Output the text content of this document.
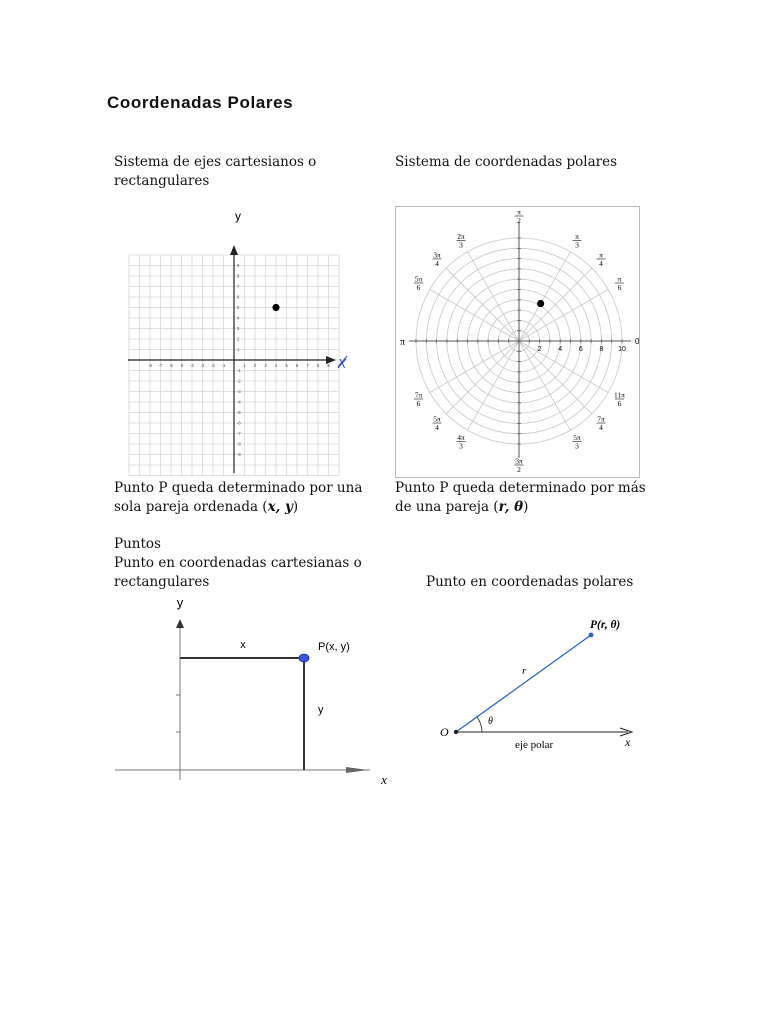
Coordenadas Polares
Sistema de ejes cartesianos o
rectangulares
Sistema de coordenadas polares
-8 -7 -6 -5 -4 -3 -2 -1	1 2 3 4 5 6 7 8 9
1
2
3
4
5
6
7
8
9
-1
-2
-3
-4
-5
-6
-7
-8
-9
y
X
π
2
π
3
π
4
π
6
2π
3
3π
4
5π
6
7π
6
5π
4
4π
3
3π
2
5π
3
7π
4
11π
6
2 4 6 8 10
π	0
Punto P queda determinado por una
sola pareja ordenada (x, y)
Punto P queda determinado por más
de una pareja (r, θ)
Puntos
Punto en coordenadas cartesianas o
rectangulares	Punto en coordenadas polares
y
x
y
P(x, y)
x
P(r, θ)
r
θ
O
eje polar	x
